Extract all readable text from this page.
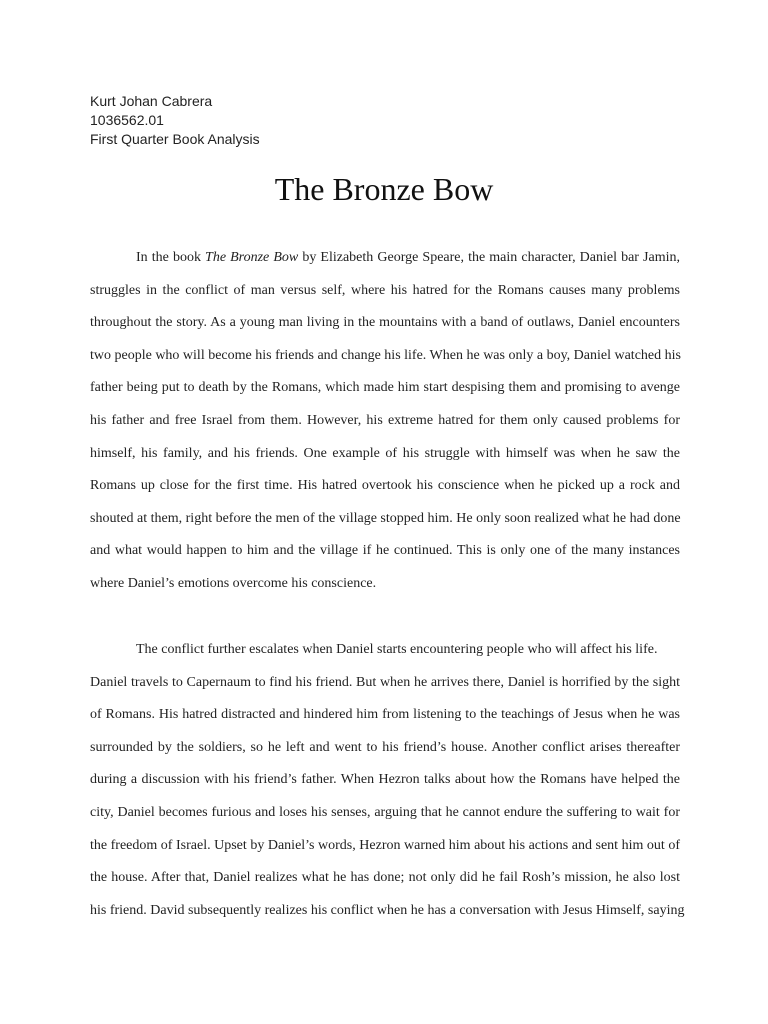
Kurt Johan Cabrera
1036562.01
First Quarter Book Analysis
The Bronze Bow
In the book The Bronze Bow by Elizabeth George Speare, the main character, Daniel bar Jamin,
struggles in the conflict of man versus self, where his hatred for the Romans causes many problems
throughout the story. As a young man living in the mountains with a band of outlaws, Daniel encounters
two people who will become his friends and change his life. When he was only a boy, Daniel watched his
father being put to death by the Romans, which made him start despising them and promising to avenge
his father and free Israel from them. However, his extreme hatred for them only caused problems for
himself, his family, and his friends. One example of his struggle with himself was when he saw the
Romans up close for the first time. His hatred overtook his conscience when he picked up a rock and
shouted at them, right before the men of the village stopped him. He only soon realized what he had done
and what would happen to him and the village if he continued. This is only one of the many instances
where Daniel’s emotions overcome his conscience.
The conflict further escalates when Daniel starts encountering people who will affect his life.
Daniel travels to Capernaum to find his friend. But when he arrives there, Daniel is horrified by the sight
of Romans. His hatred distracted and hindered him from listening to the teachings of Jesus when he was
surrounded by the soldiers, so he left and went to his friend’s house. Another conflict arises thereafter
during a discussion with his friend’s father. When Hezron talks about how the Romans have helped the
city, Daniel becomes furious and loses his senses, arguing that he cannot endure the suffering to wait for
the freedom of Israel. Upset by Daniel’s words, Hezron warned him about his actions and sent him out of
the house. After that, Daniel realizes what he has done; not only did he fail Rosh’s mission, he also lost
his friend. David subsequently realizes his conflict when he has a conversation with Jesus Himself, saying
